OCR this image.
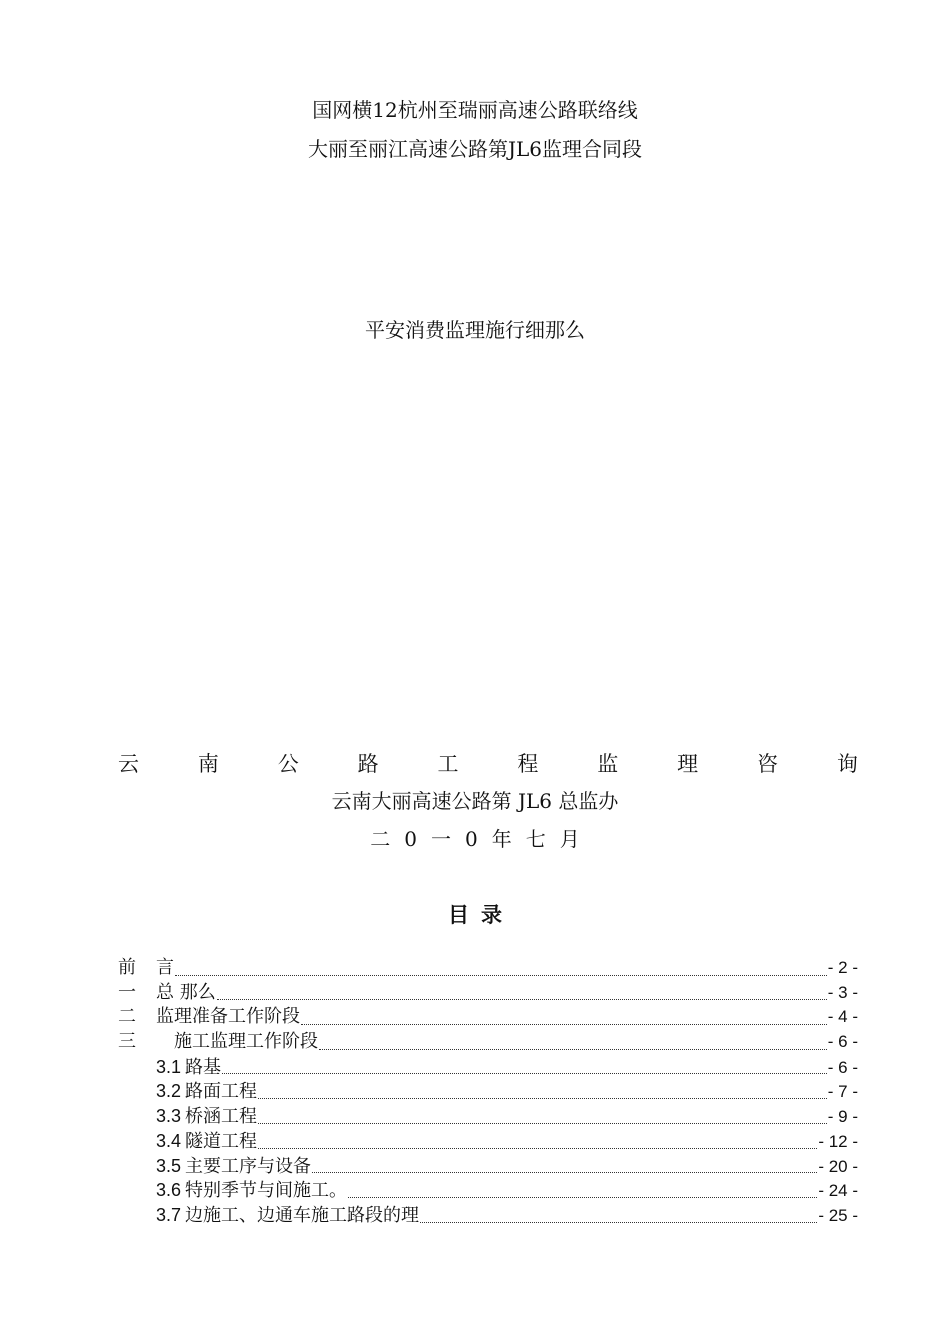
国网横12杭州至瑞丽高速公路联络线
大丽至丽江高速公路第JL6监理合同段
平安消费监理施行细那么
云	南	公	路	工	程	监	理	咨	询
云南大丽高速公路第 JL6 总监办
二 0 一 0 年 七 月
目录
前 言	- 2 -
一 总 那么	- 3 -
二 监理准备工作阶段	- 4 -
三　施工监理工作阶段	- 6 -
3.1 路基	- 6 -
3.2 路面工程	- 7 -
3.3 桥涵工程	- 9 -
3.4 隧道工程	- 12 -
3.5 主要工序与设备	- 20 -
3.6 特别季节与间施工。	- 24 -
3.7 边施工、边通车施工路段的理	- 25 -
